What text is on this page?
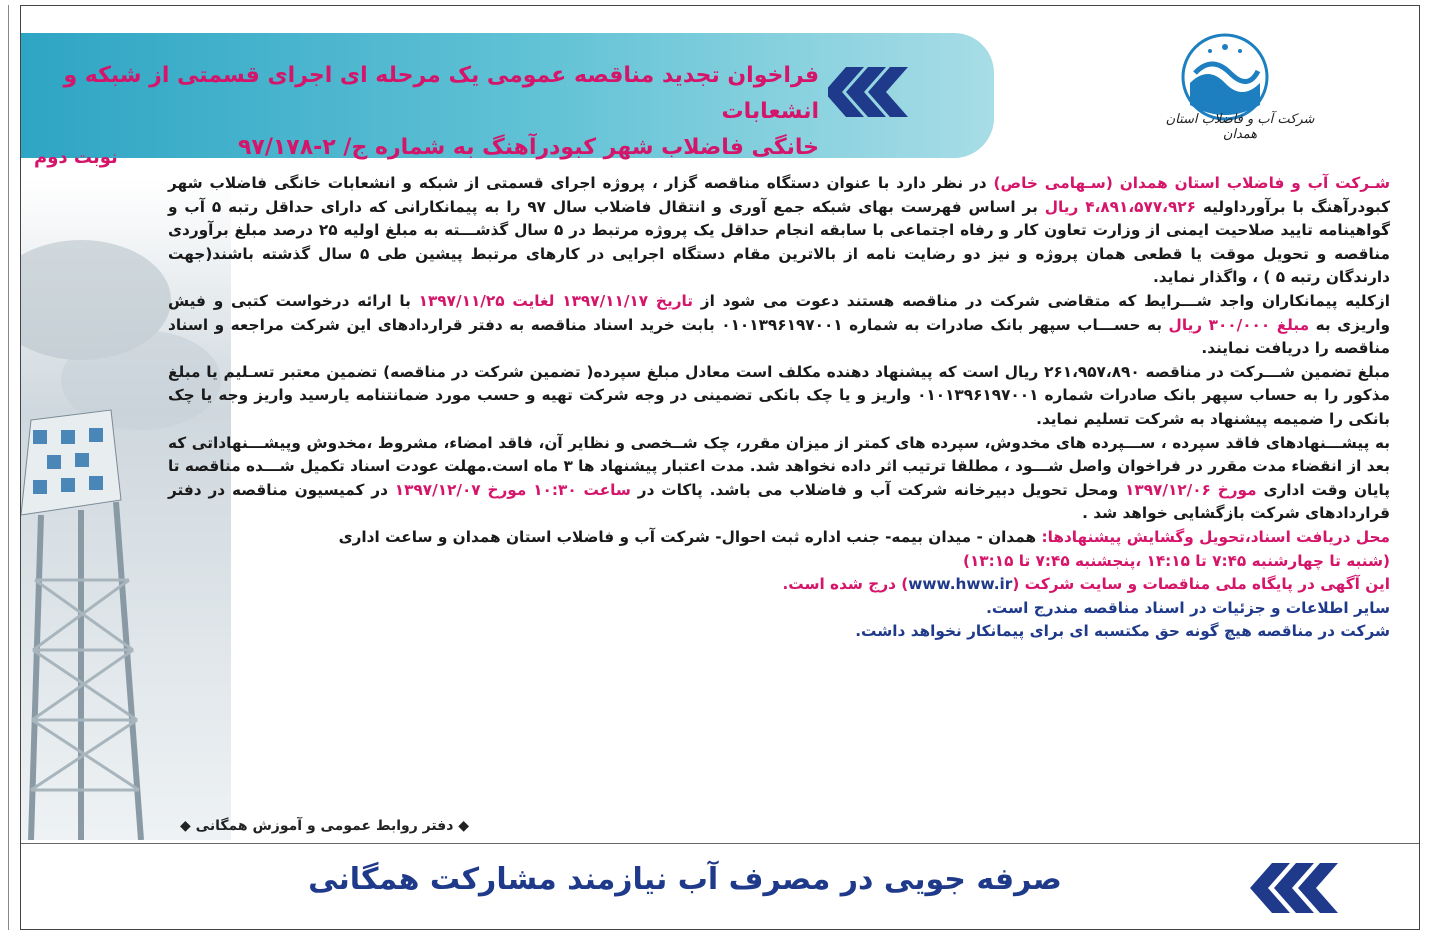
فراخوان تجدید مناقصه عمومی یک مرحله ای اجرای قسمتی از شبکه و انشعابات
خانگی فاضلاب شهر کبودرآهنگ به شماره ج/ ۲-۹۷/۱۷۸
شرکت آب و فاضلاب استان همدان
نوبت دوم

شـرکت آب و فاضلاب استان همدان (سـهامی خاص) در نظر دارد با عنوان دستگاه مناقصه گزار ، پروژه اجرای قسمتی از شبکه و انشعابات خانگی فاضلاب شهر کبودرآهنگ با برآورداولیه ۴،۸۹۱،۵۷۷،۹۲۶ ریال بر اساس فهرست بهای شبکه جمع آوری و انتقال فاضلاب سال ۹۷ را به پیمانکارانی که دارای حداقل رتبه ۵ آب و گواهینامه تایید صلاحیت ایمنی از وزارت تعاون کار و رفاه اجتماعی با سابقه انجام حداقل یک پروژه مرتبط در ۵ سال گذشـــته به مبلغ اولیه ۲۵ درصد مبلغ برآوردی مناقصه و تحویل موقت یا قطعی همان پروژه و نیز دو رضایت نامه از بالاترین مقام دستگاه اجرایی در کارهای مرتبط پیشین طی ۵ سال گذشته باشند(جهت دارندگان رتبه ۵ ) ، واگذار نماید.

ازکلیه پیمانکاران واجد شـــرایط که متقاضی شرکت در مناقصه هستند دعوت می شود از تاریخ ۱۳۹۷/۱۱/۱۷ لغایت ۱۳۹۷/۱۱/۲۵ با ارائه درخواست کتبی و فیش واریزی به مبلغ ۳۰۰/۰۰۰ ریال به حســـاب سپهر بانک صادرات به شماره ۰۱۰۱۳۹۶۱۹۷۰۰۱ بابت خرید اسناد مناقصه به دفتر قراردادهای این شرکت مراجعه و اسناد مناقصه را دریافت نمایند.

مبلغ تضمین شـــرکت در مناقصه ۲۶۱،۹۵۷،۸۹۰ ریال است که پیشنهاد دهنده مکلف است معادل مبلغ سپرده( تضمین شرکت در مناقصه) تضمین معتبر تسـلیم یا مبلغ مذکور را به حساب سپهر بانک صادرات شماره ۰۱۰۱۳۹۶۱۹۷۰۰۱ واریز و یا چک بانکی تضمینی در وجه شرکت تهیه و حسب مورد ضمانتنامه یارسید واریز وجه یا چک بانکی را ضمیمه پیشنهاد به شرکت تسلیم نماید.

به پیشـــنهادهای فاقد سپرده ، ســـپرده های مخدوش، سپرده های کمتر از میزان مقرر، چک شــخصی و نظایر آن، فاقد امضاء، مشروط ،مخدوش وپیشـــنهاداتی که بعد از انقضاء مدت مقرر در فراخوان واصل شـــود ، مطلقا ترتیب اثر داده نخواهد شد. مدت اعتبار پیشنهاد ها ۳ ماه است.مهلت عودت اسناد تکمیل شـــده مناقصه تا پایان وقت اداری مورخ ۱۳۹۷/۱۲/۰۶ ومحل تحویل دبیرخانه شرکت آب و فاضلاب می باشد. پاکات در ساعت ۱۰:۳۰ مورخ ۱۳۹۷/۱۲/۰۷ در کمیسیون مناقصه در دفتر قراردادهای شرکت بازگشایی خواهد شد .

محل دریافت اسناد،تحویل وگشایش پیشنهادها: همدان - میدان بیمه- جنب اداره ثبت احوال- شرکت آب و فاضلاب استان همدان و ساعت اداری

(شنبه تا چهارشنبه ۷:۴۵ تا ۱۴:۱۵ ،پنجشنبه ۷:۴۵ تا ۱۳:۱۵)

این آگهی در پایگاه ملی مناقصات و سایت شرکت (www.hww.ir) درج شده است.

سایر اطلاعات و جزئیات در اسناد مناقصه مندرج است.

شرکت در مناقصه هیچ گونه حق مکتسبه ای برای پیمانکار نخواهد داشت.

◆ دفتر روابط عمومی و آموزش همگانی ◆
صرفه جویی در مصرف آب نیازمند مشارکت همگانی
